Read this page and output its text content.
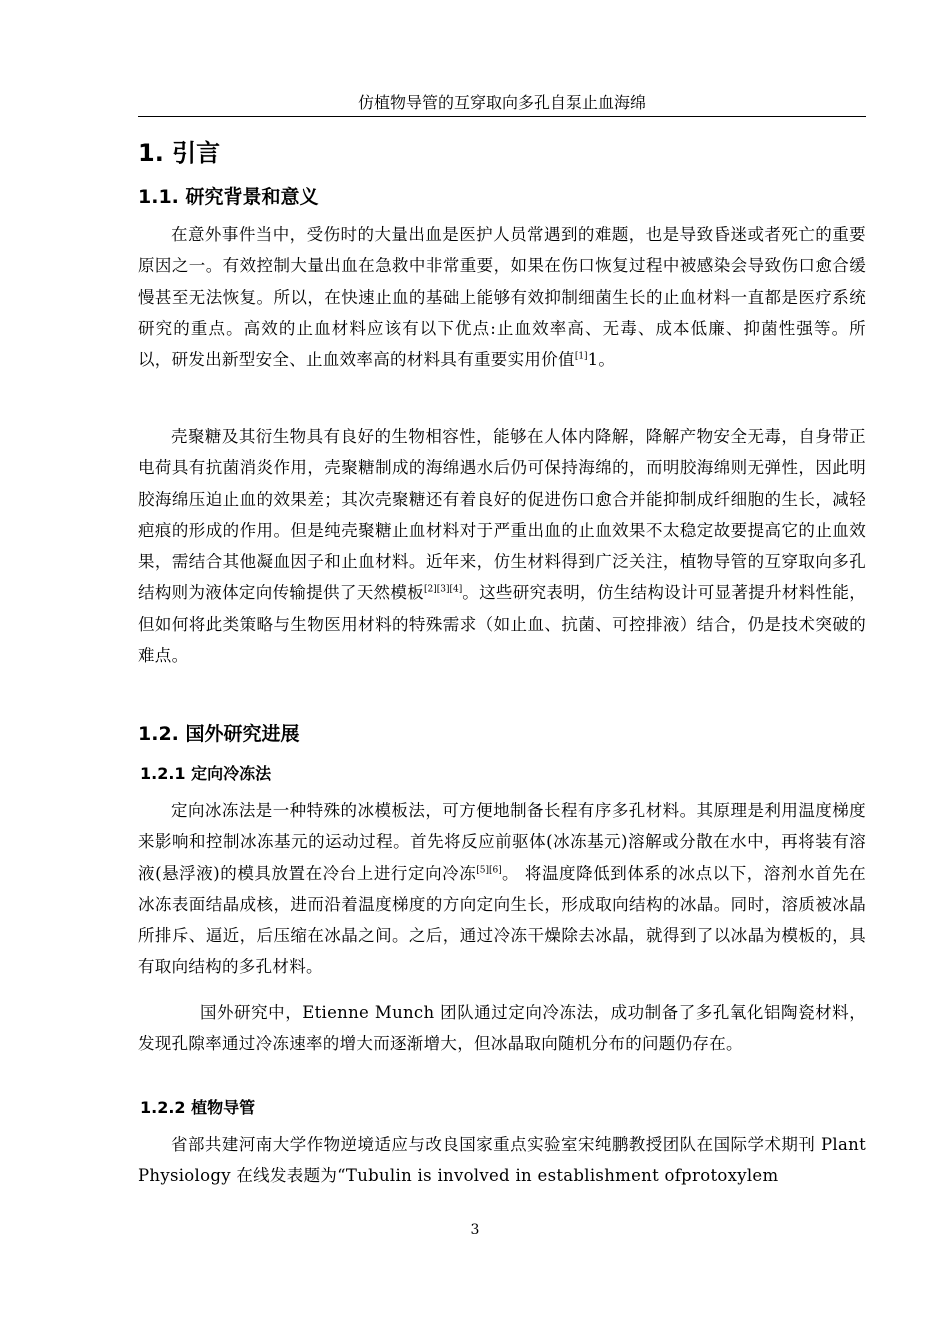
仿植物导管的互穿取向多孔自泵止血海绵
1. 引言
1.1. 研究背景和意义

在意外事件当中，受伤时的大量出血是医护人员常遇到的难题，也是导致昏迷或者死亡的重要原因之一。有效控制大量出血在急救中非常重要，如果在伤口恢复过程中被感染会导致伤口愈合缓慢甚至无法恢复。所以，在快速止血的基础上能够有效抑制细菌生长的止血材料一直都是医疗系统研究的重点。高效的止血材料应该有以下优点:止血效率高、无毒、成本低廉、抑菌性强等。所以，研发出新型安全、止血效率高的材料具有重要实用价值[1]1。

壳聚糖及其衍生物具有良好的生物相容性，能够在人体内降解，降解产物安全无毒，自身带正电荷具有抗菌消炎作用，壳聚糖制成的海绵遇水后仍可保持海绵的，而明胶海绵则无弹性，因此明胶海绵压迫止血的效果差；其次壳聚糖还有着良好的促进伤口愈合并能抑制成纤细胞的生长，减轻疤痕的形成的作用。但是纯壳聚糖止血材料对于严重出血的止血效果不太稳定故要提高它的止血效果，需结合其他凝血因子和止血材料。近年来，仿生材料得到广泛关注，植物导管的互穿取向多孔结构则为液体定向传输提供了天然模板[2][3][4]。这些研究表明，仿生结构设计可显著提升材料性能，但如何将此类策略与生物医用材料的特殊需求（如止血、抗菌、可控排液）结合，仍是技术突破的难点。

1.2. 国外研究进展
1.2.1 定向冷冻法

定向冰冻法是一种特殊的冰模板法，可方便地制备长程有序多孔材料。其原理是利用温度梯度来影响和控制冰冻基元的运动过程。首先将反应前驱体(冰冻基元)溶解或分散在水中，再将装有溶液(悬浮液)的模具放置在冷台上进行定向冷冻[5][6]。 将温度降低到体系的冰点以下，溶剂水首先在冰冻表面结晶成核，进而沿着温度梯度的方向定向生长，形成取向结构的冰晶。同时，溶质被冰晶所排斥、逼近，后压缩在冰晶之间。之后，通过冷冻干燥除去冰晶，就得到了以冰晶为模板的，具有取向结构的多孔材料。

国外研究中，Etienne Munch 团队通过定向冷冻法，成功制备了多孔氧化铝陶瓷材料，发现孔隙率通过冷冻速率的增大而逐渐增大，但冰晶取向随机分布的问题仍存在。

1.2.2 植物导管

省部共建河南大学作物逆境适应与改良国家重点实验室宋纯鹏教授团队在国际学术期刊 Plant Physiology 在线发表题为“Tubulin is involved in establishment ofprotoxylem

3
